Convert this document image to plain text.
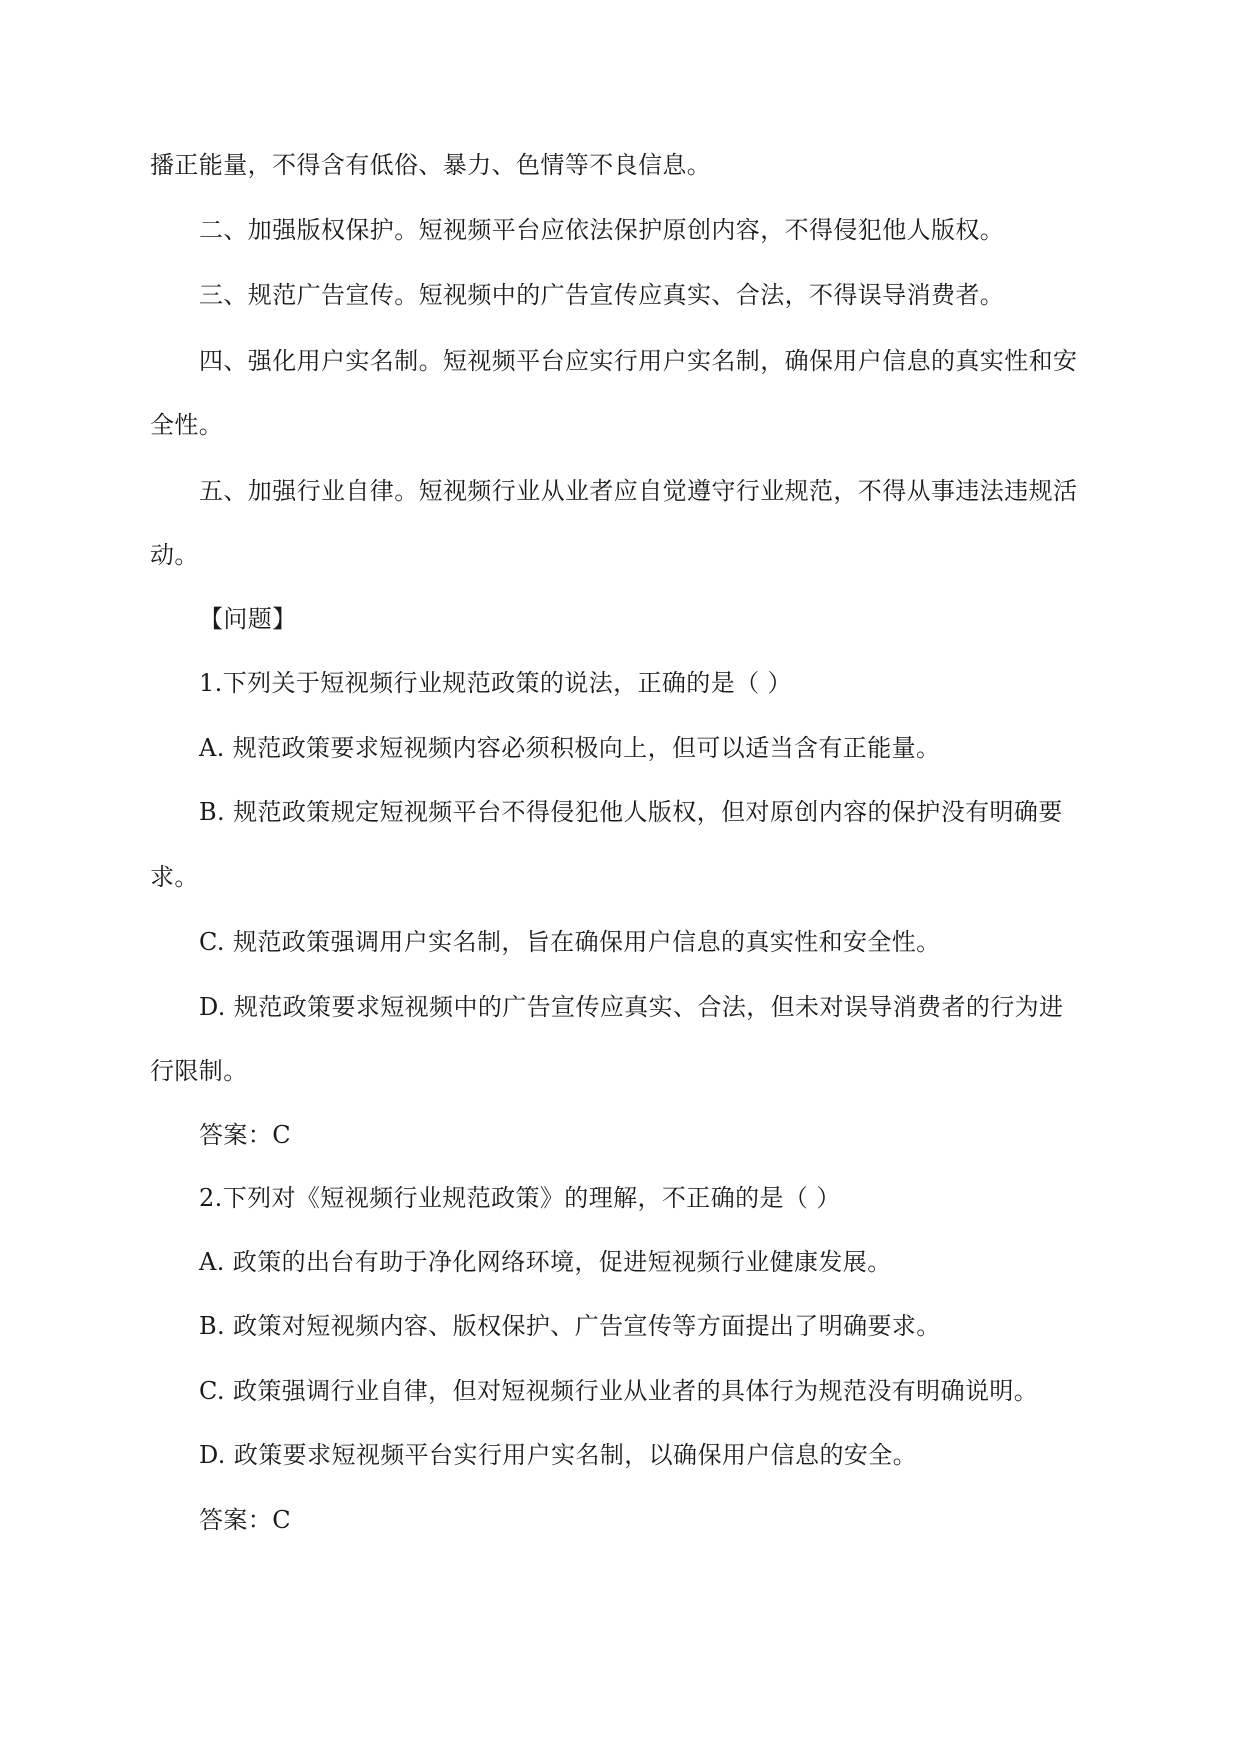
播正能量，不得含有低俗、暴力、色情等不良信息。
二、加强版权保护。短视频平台应依法保护原创内容，不得侵犯他人版权。
三、规范广告宣传。短视频中的广告宣传应真实、合法，不得误导消费者。
四、强化用户实名制。短视频平台应实行用户实名制，确保用户信息的真实性和安
全性。
五、加强行业自律。短视频行业从业者应自觉遵守行业规范，不得从事违法违规活
动。
【问题】
1.下列关于短视频行业规范政策的说法，正确的是（ ）
A. 规范政策要求短视频内容必须积极向上，但可以适当含有正能量。
B. 规范政策规定短视频平台不得侵犯他人版权，但对原创内容的保护没有明确要
求。
C. 规范政策强调用户实名制，旨在确保用户信息的真实性和安全性。
D. 规范政策要求短视频中的广告宣传应真实、合法，但未对误导消费者的行为进
行限制。
答案：C
2.下列对《短视频行业规范政策》的理解，不正确的是（ ）
A. 政策的出台有助于净化网络环境，促进短视频行业健康发展。
B. 政策对短视频内容、版权保护、广告宣传等方面提出了明确要求。
C. 政策强调行业自律，但对短视频行业从业者的具体行为规范没有明确说明。
D. 政策要求短视频平台实行用户实名制，以确保用户信息的安全。
答案：C
